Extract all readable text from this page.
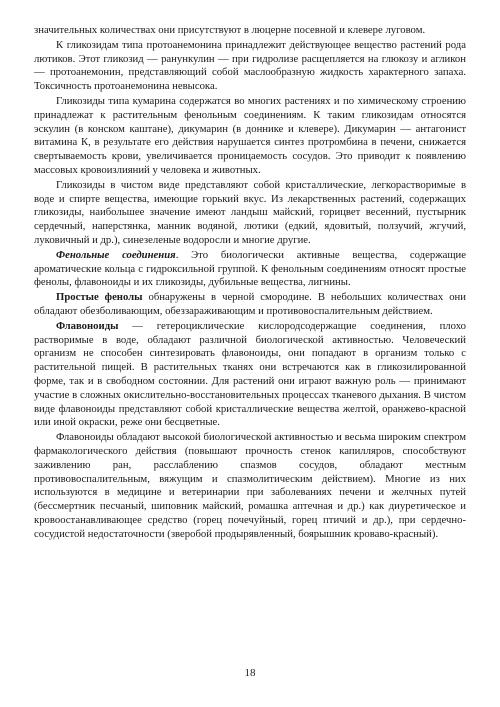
значительных количествах они присутствуют в люцерне посевной и клевере луговом.

К гликозидам типа протоанемонина принадлежит действующее вещество растений рода лютиков. Этот гликозид — ранункулин — при гидролизе расщепляется на глюкозу и агликон — протоанемонин, представляющий собой маслообразную жидкость характерного запаха. Токсичность протоанемонина невысока.

Гликозиды типа кумарина содержатся во многих растениях и по химическому строению принадлежат к растительным фенольным соединениям. К таким гликозидам относятся эскулин (в конском каштане), дикумарин (в доннике и клевере). Дикумарин — антагонист витамина К, в результате его действия нарушается синтез протромбина в печени, снижается свертываемость крови, увеличивается проницаемость сосудов. Это приводит к появлению массовых кровоизлияний у человека и животных.

Гликозиды в чистом виде представляют собой кристаллические, легкорастворимые в воде и спирте вещества, имеющие горький вкус. Из лекарственных растений, содержащих гликозиды, наибольшее значение имеют ландыш майский, горицвет весенний, пустырник сердечный, наперстянка, манник водяной, лютики (едкий, ядовитый, ползучий, жгучий, луковичный и др.), синезеленые водоросли и многие другие.

Фенольные соединения. Это биологически активные вещества, содержащие ароматические кольца с гидроксильной группой. К фенольным соединениям относят простые фенолы, флавоноиды и их гликозиды, дубильные вещества, лигнины.

Простые фенолы обнаружены в черной смородине. В небольших количествах они обладают обезболивающим, обеззараживающим и противовоспалительным действием.

Флавоноиды — гетероциклические кислородсодержащие соединения, плохо растворимые в воде, обладают различной биологической активностью. Человеческий организм не способен синтезировать флавоноиды, они попадают в организм только с растительной пищей. В растительных тканях они встречаются как в гликозилированной форме, так и в свободном состоянии. Для растений они играют важную роль — принимают участие в сложных окислительно-восстановительных процессах тканевого дыхания. В чистом виде флавоноиды представляют собой кристаллические вещества желтой, оранжево-красной или иной окраски, реже они бесцветные.

Флавоноиды обладают высокой биологической активностью и весьма широким спектром фармакологического действия (повышают прочность стенок капилляров, способствуют заживлению ран, расслаблению спазмов сосудов, обладают местным противовоспалительным, вяжущим и спазмолитическим действием). Многие из них используются в медицине и ветеринарии при заболеваниях печени и желчных путей (бессмертник песчаный, шиповник майский, ромашка аптечная и др.) как диуретическое и кровоостанавливающее средство (горец почечуйный, горец птичий и др.), при сердечно-сосудистой недостаточности (зверобой продырявленный, боярышник кроваво-красный).

18
